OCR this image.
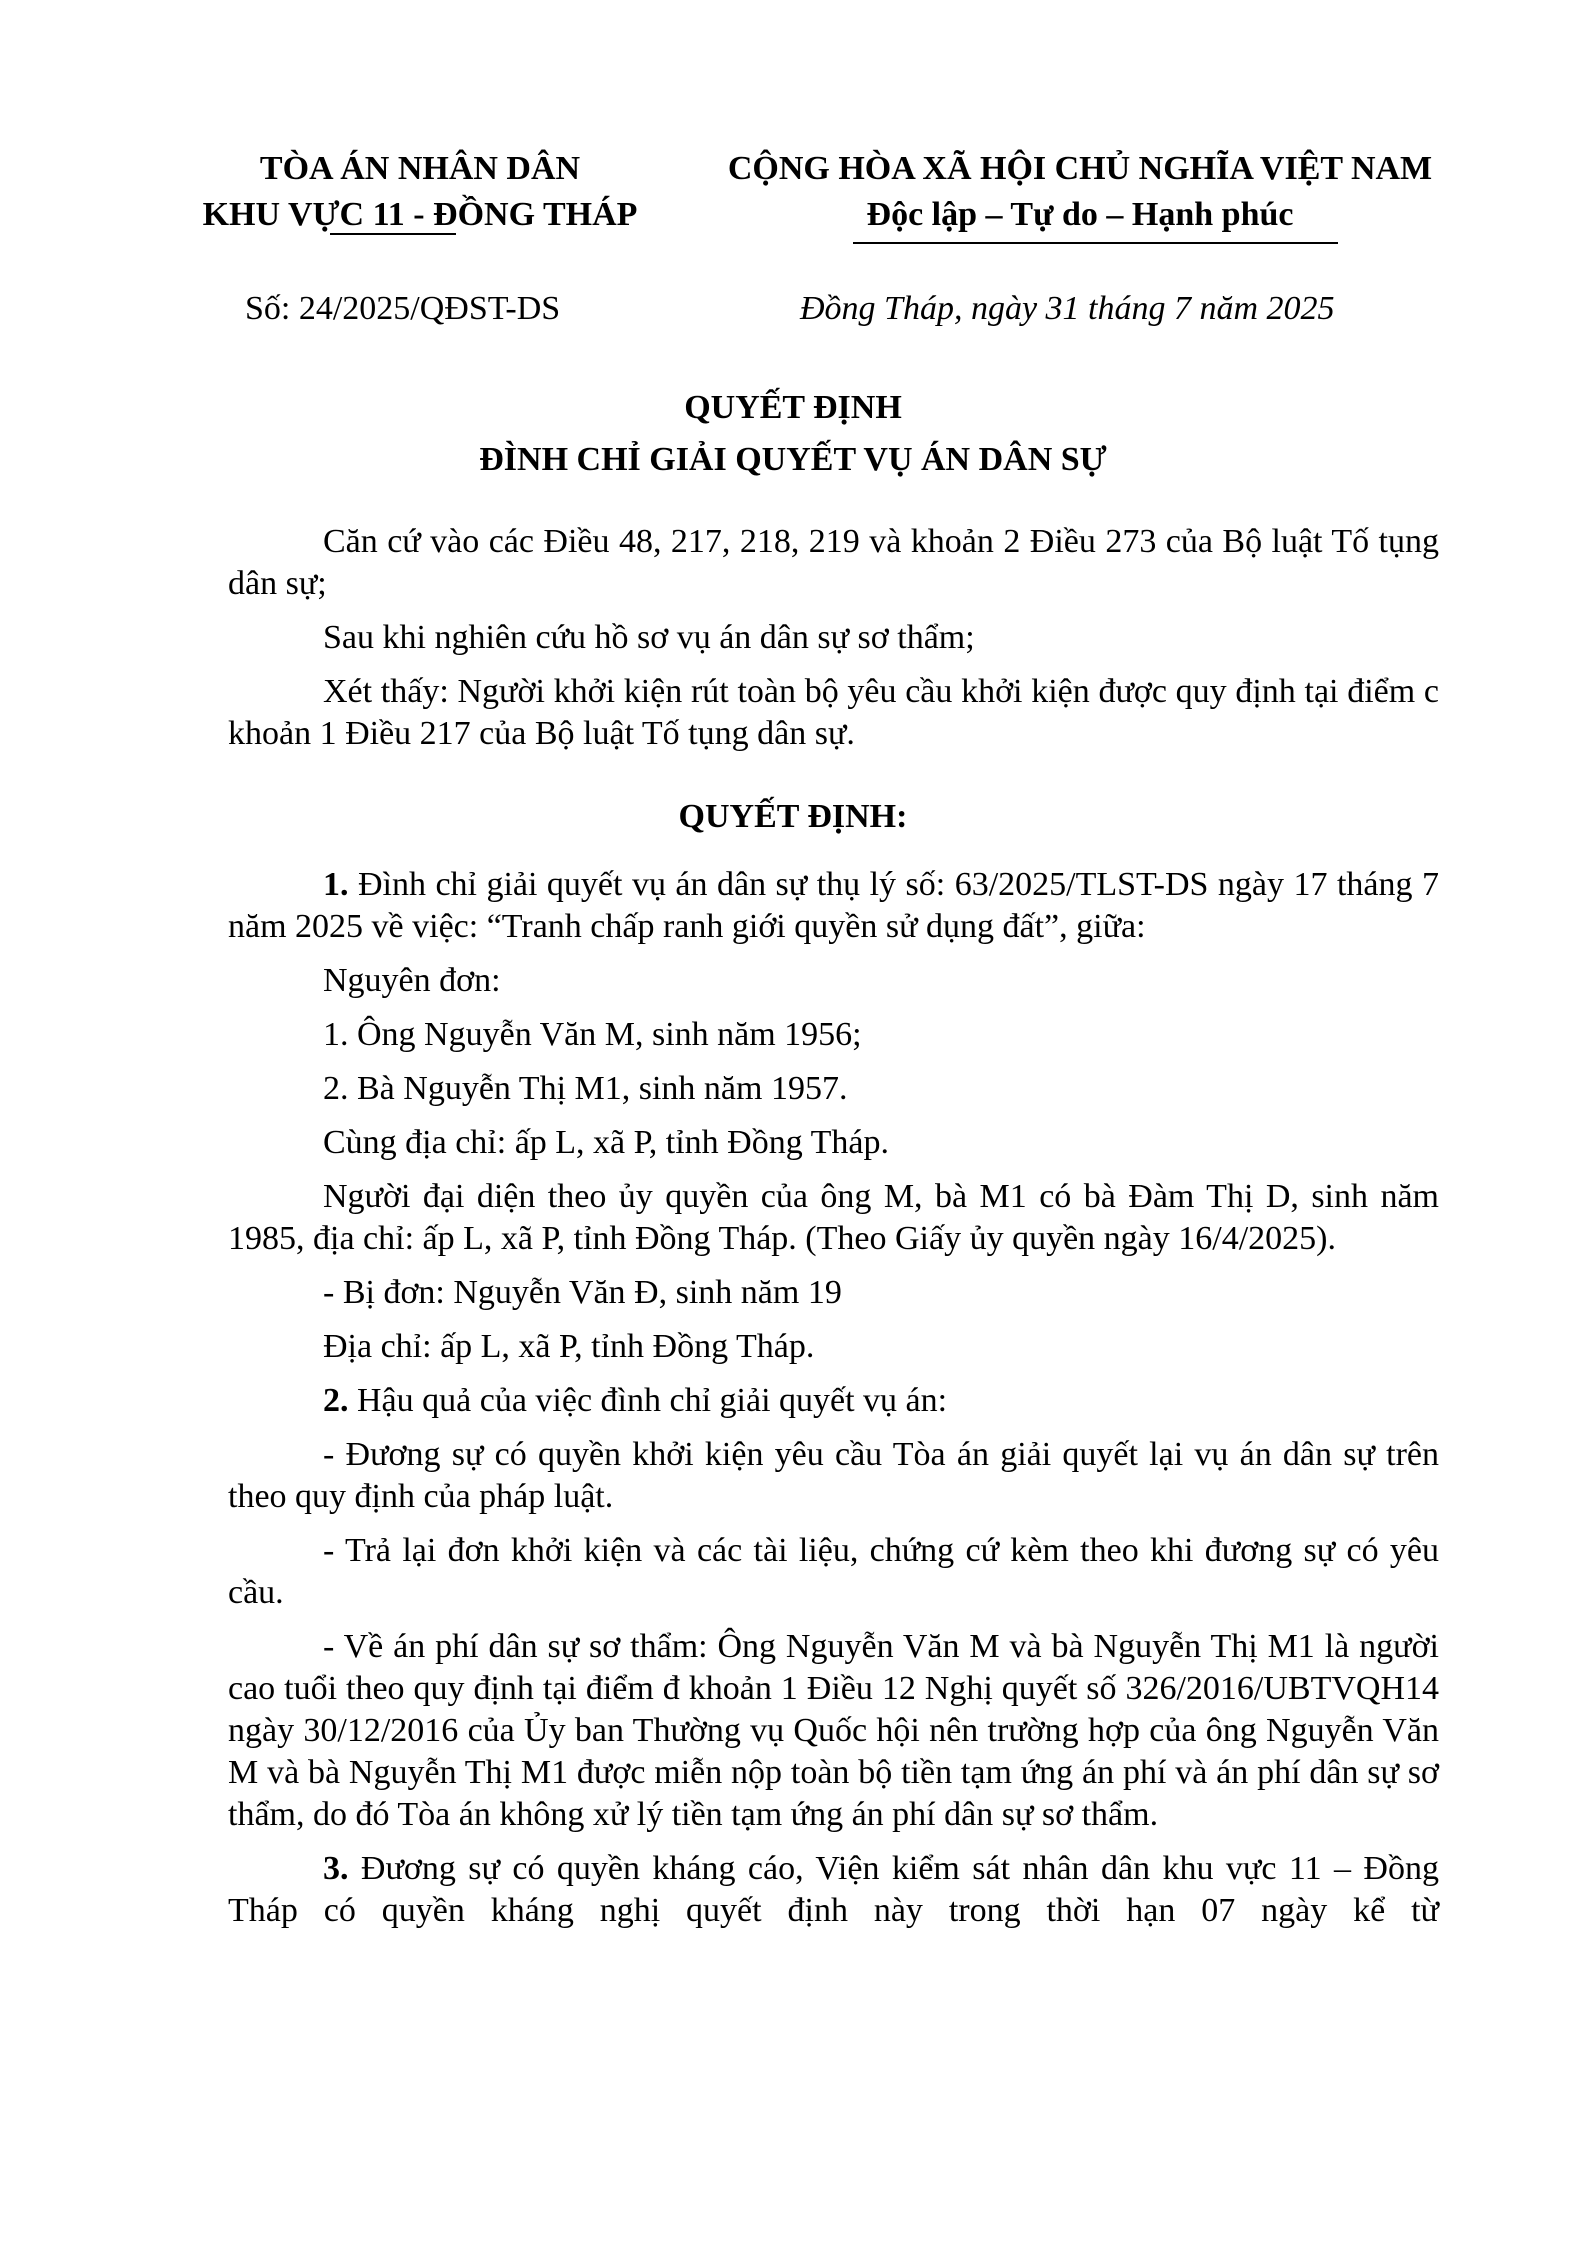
TÒA ÁN NHÂN DÂN
KHU VỰC 11 - ĐỒNG THÁP
CỘNG HÒA XÃ HỘI CHỦ NGHĨA VIỆT NAM
Độc lập – Tự do – Hạnh phúc
Số: 24/2025/QĐST-DS	Đồng Tháp, ngày 31 tháng 7 năm 2025
QUYẾT ĐỊNH
ĐÌNH CHỈ GIẢI QUYẾT VỤ ÁN DÂN SỰ

Căn cứ vào các Điều 48, 217, 218, 219 và khoản 2 Điều 273 của Bộ luật Tố tụng dân sự;

Sau khi nghiên cứu hồ sơ vụ án dân sự sơ thẩm;

Xét thấy: Người khởi kiện rút toàn bộ yêu cầu khởi kiện được quy định tại điểm c khoản 1 Điều 217 của Bộ luật Tố tụng dân sự.

QUYẾT ĐỊNH:

1. Đình chỉ giải quyết vụ án dân sự thụ lý số: 63/2025/TLST-DS ngày 17 tháng 7 năm 2025 về việc: “Tranh chấp ranh giới quyền sử dụng đất”, giữa:

Nguyên đơn:

1. Ông Nguyễn Văn M, sinh năm 1956;

2. Bà Nguyễn Thị M1, sinh năm 1957.

Cùng địa chỉ: ấp L, xã P, tỉnh Đồng Tháp.

Người đại diện theo ủy quyền của ông M, bà M1 có bà Đàm Thị D, sinh năm 1985, địa chỉ: ấp L, xã P, tỉnh Đồng Tháp. (Theo Giấy ủy quyền ngày 16/4/2025).

- Bị đơn: Nguyễn Văn Đ, sinh năm 19

Địa chỉ: ấp L, xã P, tỉnh Đồng Tháp.

2. Hậu quả của việc đình chỉ giải quyết vụ án:

- Đương sự có quyền khởi kiện yêu cầu Tòa án giải quyết lại vụ án dân sự trên theo quy định của pháp luật.

- Trả lại đơn khởi kiện và các tài liệu, chứng cứ kèm theo khi đương sự có yêu cầu.

- Về án phí dân sự sơ thẩm: Ông Nguyễn Văn M và bà Nguyễn Thị M1 là người cao tuổi theo quy định tại điểm đ khoản 1 Điều 12 Nghị quyết số 326/2016/UBTVQH14 ngày 30/12/2016 của Ủy ban Thường vụ Quốc hội nên trường hợp của ông Nguyễn Văn M và bà Nguyễn Thị M1 được miễn nộp toàn bộ tiền tạm ứng án phí và án phí dân sự sơ thẩm, do đó Tòa án không xử lý tiền tạm ứng án phí dân sự sơ thẩm.

3. Đương sự có quyền kháng cáo, Viện kiểm sát nhân dân khu vực 11 – Đồng Tháp có quyền kháng nghị quyết định này trong thời hạn 07 ngày kể từ
